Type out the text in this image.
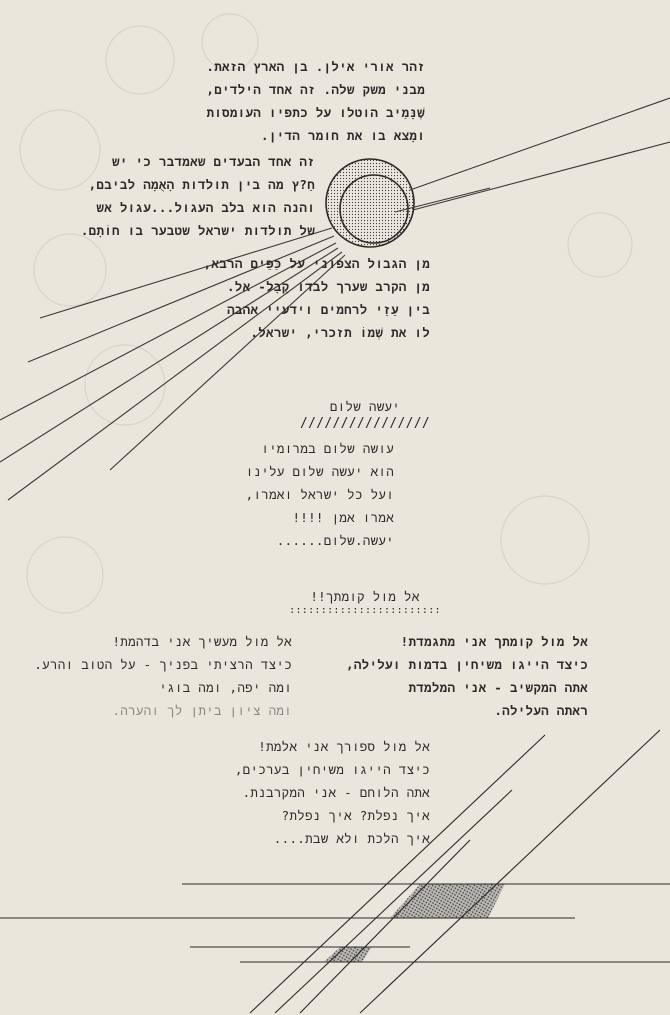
זהר אורי אילן. בן הארץ הזאת.
מבני משק שלה. זה אחד הילדים,
שֶׁנָּמַיב הוטלו על כתפיו העומסות
ומָצא בו את חומר הדין.
זה אחד הבעדים שאמדבר כי יש
חֵ?ץ מה בין תולדות הָאֻמָה לביבם,
והנה הוא בלב העגול...עגול אש
של תולדות ישראל שטבער בו חוֹתָם.
מן הגבול הצפוני על כַּפֵּים הרבא,
מן הקרב שערך לבדו קֻבָל- אל.
בין עֵזֵי לרחמים וידעיי אהבה
לו את שְׁמוֹ תזכרי, ישראל.
יעשה שלום
////////////////
עושה שלום במרומיו
הוא יעשה שלום עלינו
ועל כל ישראל ואמרו,
אמרו אמן !!!!
יעשה.שלום......
אל מול קומתך!!
::::::::::::::::::::::::
אל מול קומתך אני מתגמדת!
כיצד הייגו משיחין בדמות ועלילה,
אתה המקשיב - אני המלמדת
ראתה העלילה.
אל מול מעשיך אני בדהמת!
כיצד הרציתי בפניך - על הטוב והרע.
ומה יפה, ומה בוגי
ומה ציון ביתן לך והערה.
אל מול ספורך אני אלמת!
כיצד הייגו משיחין בערכים,
אתה הלוחם - אני המקרבנת.
איך נפלת? איך נפלת?
איך הלכת ולא שבת....
